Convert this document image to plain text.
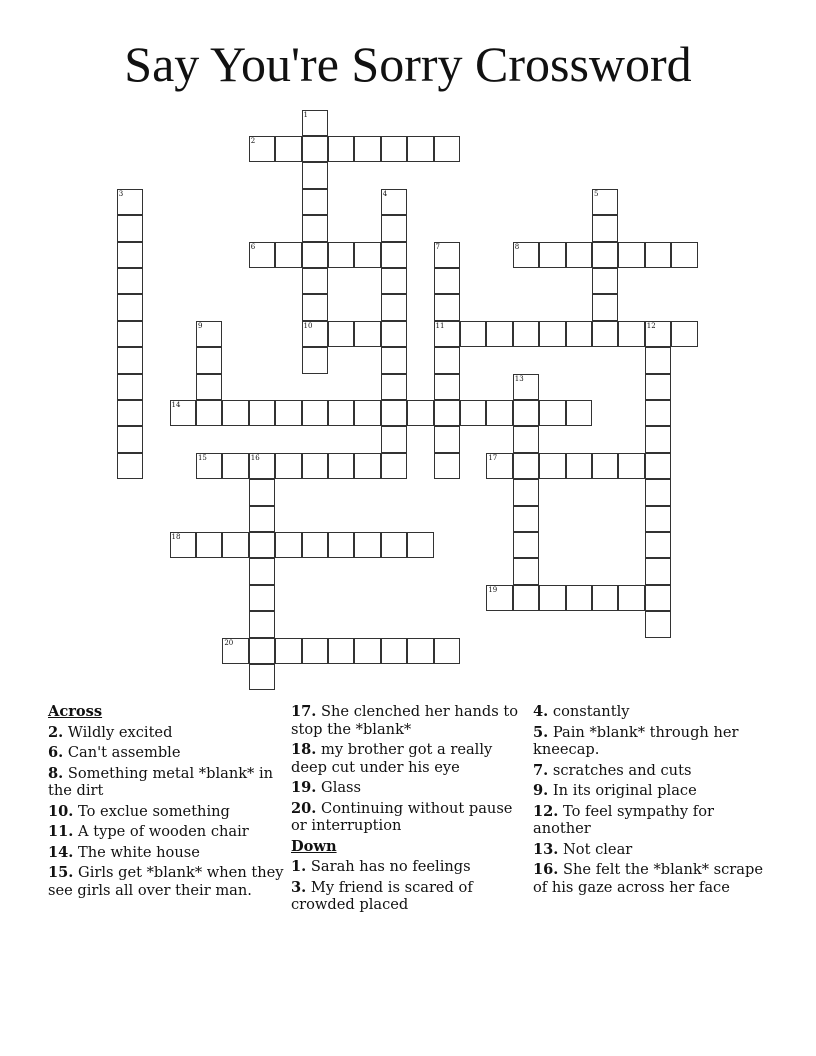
Say You're Sorry Crossword
1
10
2
3	4	5
6	7
11
8
9	12
13
14
15	16	17
18
19
20
Across
2. Wildly excited
6. Can't assemble
8. Something metal *blank* in the dirt
10. To exclue something
11. A type of wooden chair
14. The white house
15. Girls get *blank* when they see girls all over their man.
17. She clenched her hands to stop the *blank*
18. my brother got a really deep cut under his eye
19. Glass
20. Continuing without pause or interruption
Down
1. Sarah has no feelings
3. My friend is scared of crowded placed
4. constantly
5. Pain *blank* through her kneecap.
7. scratches and cuts
9. In its original place
12. To feel sympathy for another
13. Not clear
16. She felt the *blank* scrape of his gaze across her face
